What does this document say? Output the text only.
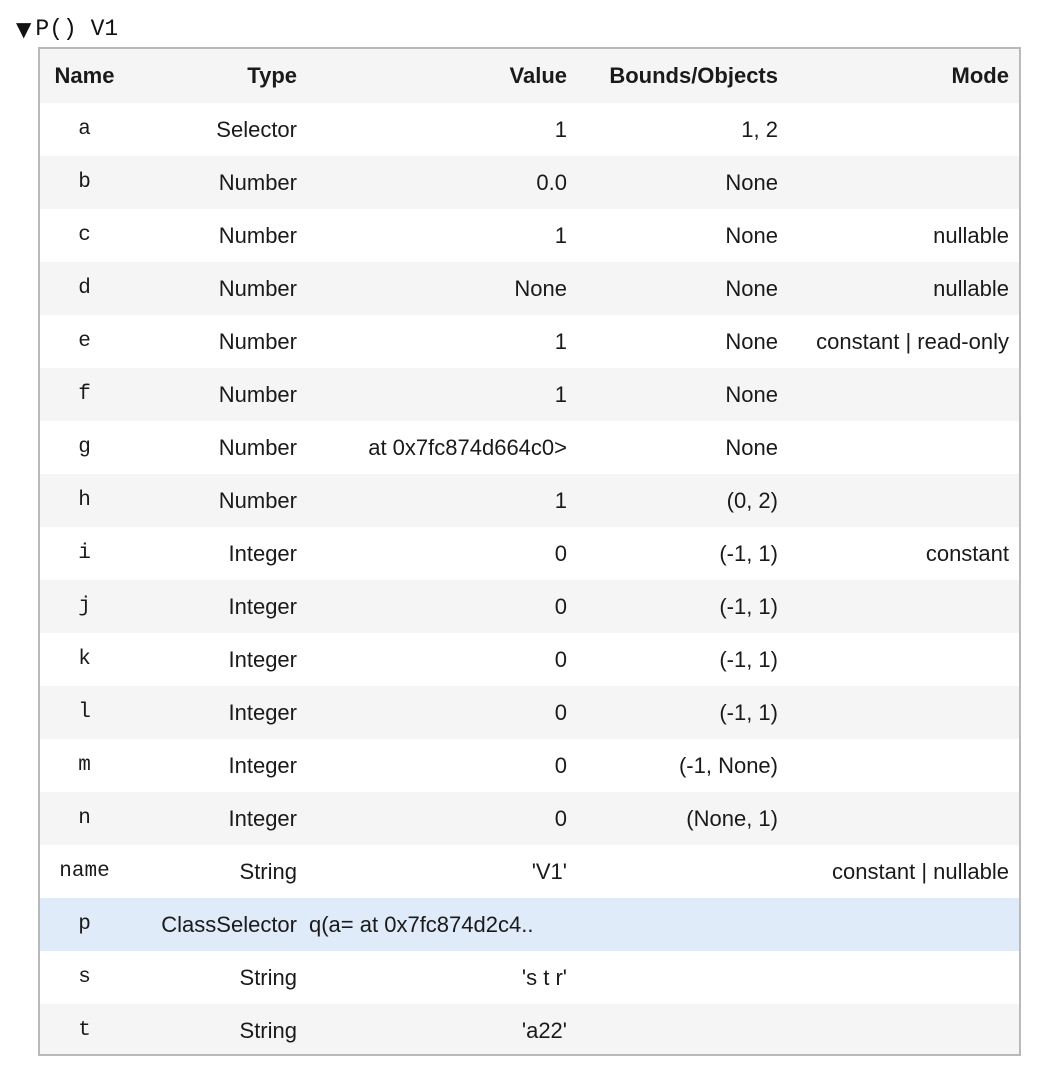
▼ P() V1
Name	Type	Value	Bounds/Objects	Mode
a	Selector	1	1, 2	
b	Number	0.0	None	
c	Number	1	None	nullable
d	Number	None	None	nullable
e	Number	1	None	constant | read-only
f	Number	1	None	
g	Number	at 0x7fc874d664c0>	None	
h	Number	1	(0, 2)	
i	Integer	0	(-1, 1)	constant
j	Integer	0	(-1, 1)	
k	Integer	0	(-1, 1)	
l	Integer	0	(-1, 1)	
m	Integer	0	(-1, None)	
n	Integer	0	(None, 1)	
name	String	'V1'		constant | nullable
p	ClassSelector	q(a= at 0x7fc874d2c4..		
s	String	's t r'		
t	String	'a22'		
